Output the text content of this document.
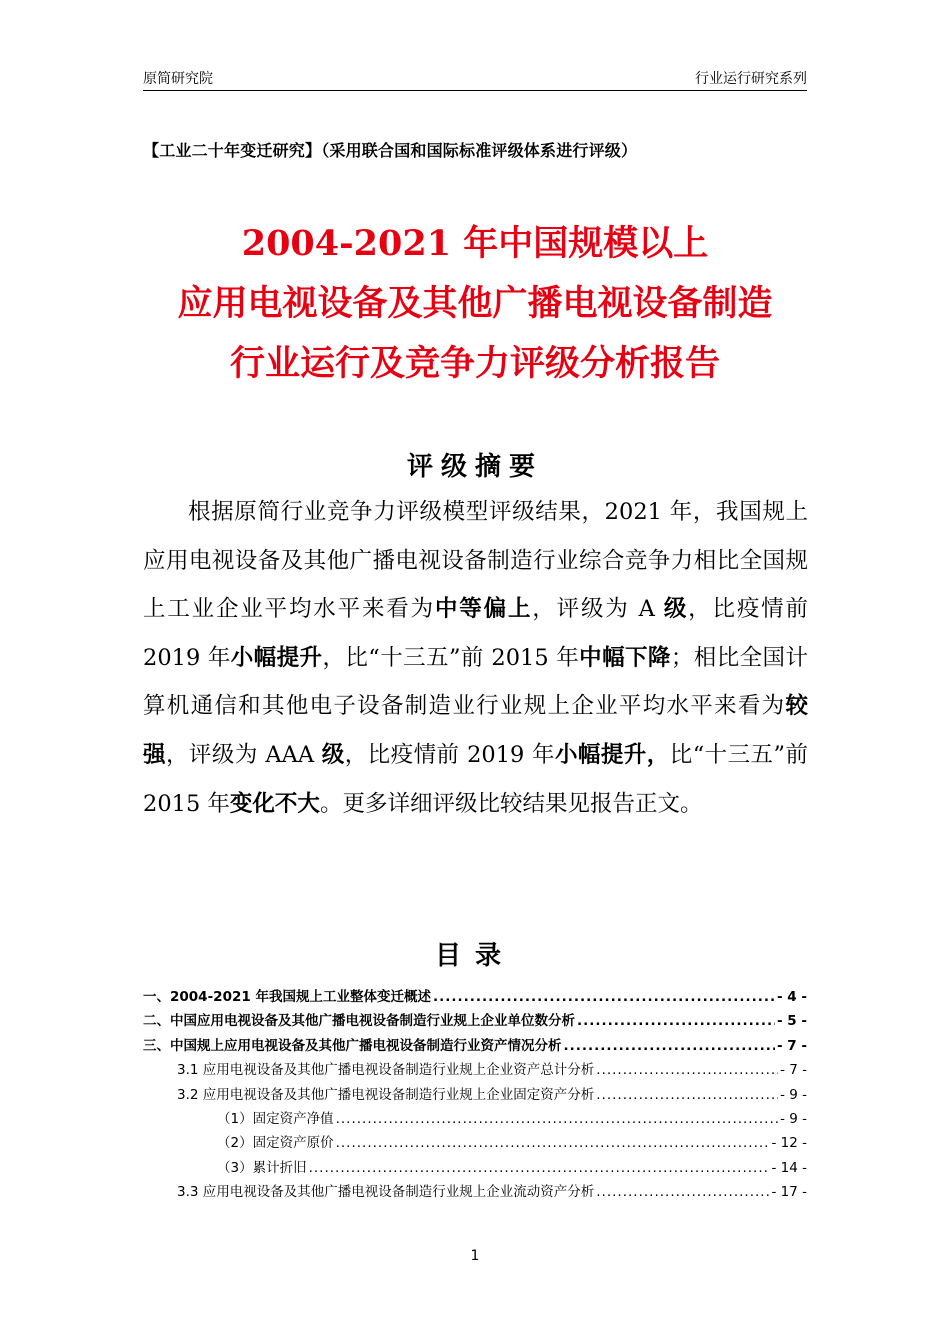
原简研究院	行业运行研究系列
【工业二十年变迁研究】（采用联合国和国际标准评级体系进行评级）
2004-2021 年中国规模以上
应用电视设备及其他广播电视设备制造
行业运行及竞争力评级分析报告
评级摘要

根据原简行业竞争力评级模型评级结果，2021 年，我国规上应用电视设备及其他广播电视设备制造行业综合竞争力相比全国规上工业企业平均水平来看为中等偏上，评级为 A 级，比疫情前 2019 年小幅提升，比“十三五”前 2015 年中幅下降；相比全国计算机通信和其他电子设备制造业行业规上企业平均水平来看为较强，评级为 AAA 级，比疫情前 2019 年小幅提升，比“十三五”前 2015 年变化不大。更多详细评级比较结果见报告正文。

目录
一、2004-2021 年我国规上工业整体变迁概述 .....	- 4 -
二、中国应用电视设备及其他广播电视设备制造行业规上企业单位数分析 .....	- 5 -
三、中国规上应用电视设备及其他广播电视设备制造行业资产情况分析 .....	- 7 -
3.1 应用电视设备及其他广播电视设备制造行业规上企业资产总计分析 .....	- 7 -
3.2 应用电视设备及其他广播电视设备制造行业规上企业固定资产分析 .....	- 9 -
（1）固定资产净值 .....	- 9 -
（2）固定资产原价 .....	- 12 -
（3）累计折旧 .....	- 14 -
3.3 应用电视设备及其他广播电视设备制造行业规上企业流动资产分析 .....	- 17 -
1
